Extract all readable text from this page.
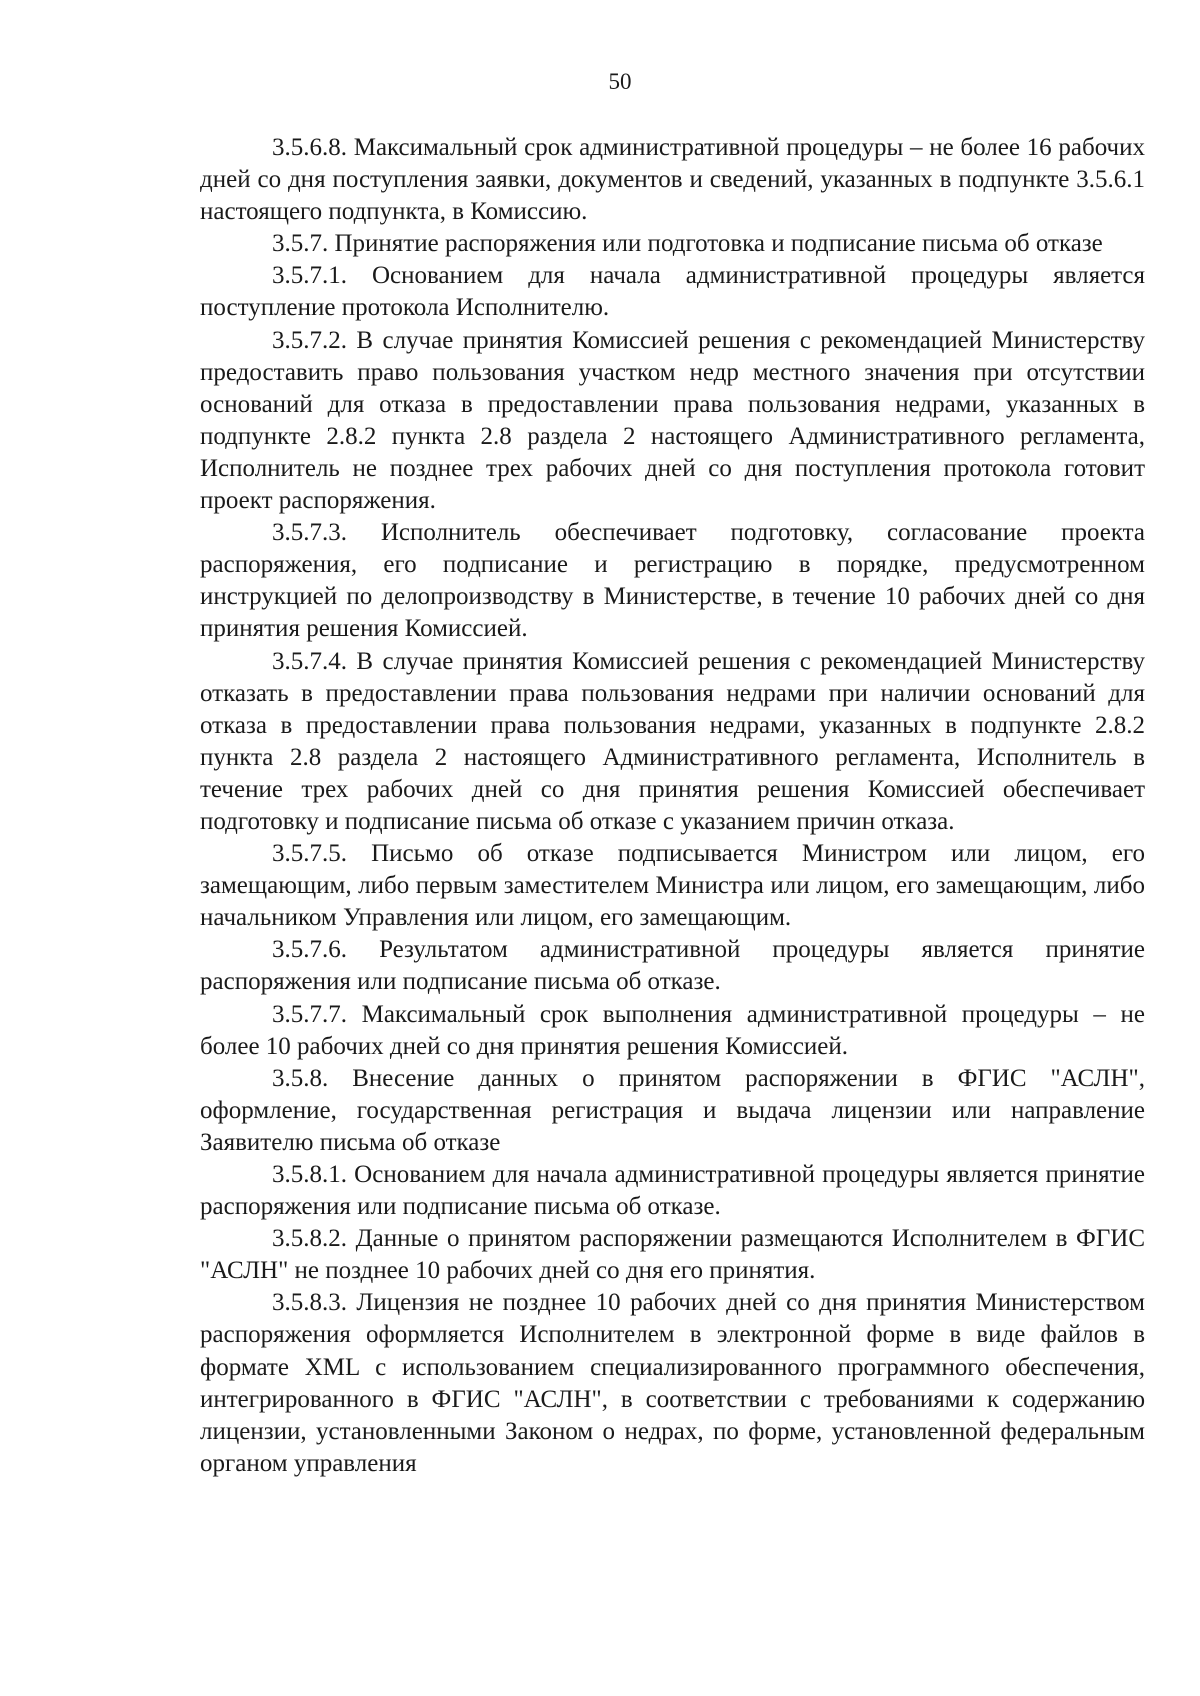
50

3.5.6.8. Максимальный срок административной процедуры – не более 16 рабочих дней со дня поступления заявки, документов и сведений, указанных в подпункте 3.5.6.1 настоящего подпункта, в Комиссию.

3.5.7. Принятие распоряжения или подготовка и подписание письма об отказе

3.5.7.1. Основанием для начала административной процедуры является поступление протокола Исполнителю.

3.5.7.2. В случае принятия Комиссией решения с рекомендацией Министерству предоставить право пользования участком недр местного значения при отсутствии оснований для отказа в предоставлении права пользования недрами, указанных в подпункте 2.8.2 пункта 2.8 раздела 2 настоящего Административного регламента, Исполнитель не позднее трех рабочих дней со дня поступления протокола готовит проект распоряжения.

3.5.7.3. Исполнитель обеспечивает подготовку, согласование проекта распоряжения, его подписание и регистрацию в порядке, предусмотренном инструкцией по делопроизводству в Министерстве, в течение 10 рабочих дней со дня принятия решения Комиссией.

3.5.7.4. В случае принятия Комиссией решения с рекомендацией Министерству отказать в предоставлении права пользования недрами при наличии оснований для отказа в предоставлении права пользования недрами, указанных в подпункте 2.8.2 пункта 2.8 раздела 2 настоящего Административного регламента, Исполнитель в течение трех рабочих дней со дня принятия решения Комиссией обеспечивает подготовку и подписание письма об отказе с указанием причин отказа.

3.5.7.5. Письмо об отказе подписывается Министром или лицом, его замещающим, либо первым заместителем Министра или лицом, его замещающим, либо начальником Управления или лицом, его замещающим.

3.5.7.6. Результатом административной процедуры является принятие распоряжения или подписание письма об отказе.

3.5.7.7. Максимальный срок выполнения административной процедуры – не более 10 рабочих дней со дня принятия решения Комиссией.

3.5.8. Внесение данных о принятом распоряжении в ФГИС "АСЛН", оформление, государственная регистрация и выдача лицензии или направление Заявителю письма об отказе

3.5.8.1. Основанием для начала административной процедуры является принятие распоряжения или подписание письма об отказе.

3.5.8.2. Данные о принятом распоряжении размещаются Исполнителем в ФГИС "АСЛН" не позднее 10 рабочих дней со дня его принятия.

3.5.8.3. Лицензия не позднее 10 рабочих дней со дня принятия Министерством распоряжения оформляется Исполнителем в электронной форме в виде файлов в формате XML с использованием специализированного программного обеспечения, интегрированного в ФГИС "АСЛН", в соответствии с требованиями к содержанию лицензии, установленными Законом о недрах, по форме, установленной федеральным органом управления
